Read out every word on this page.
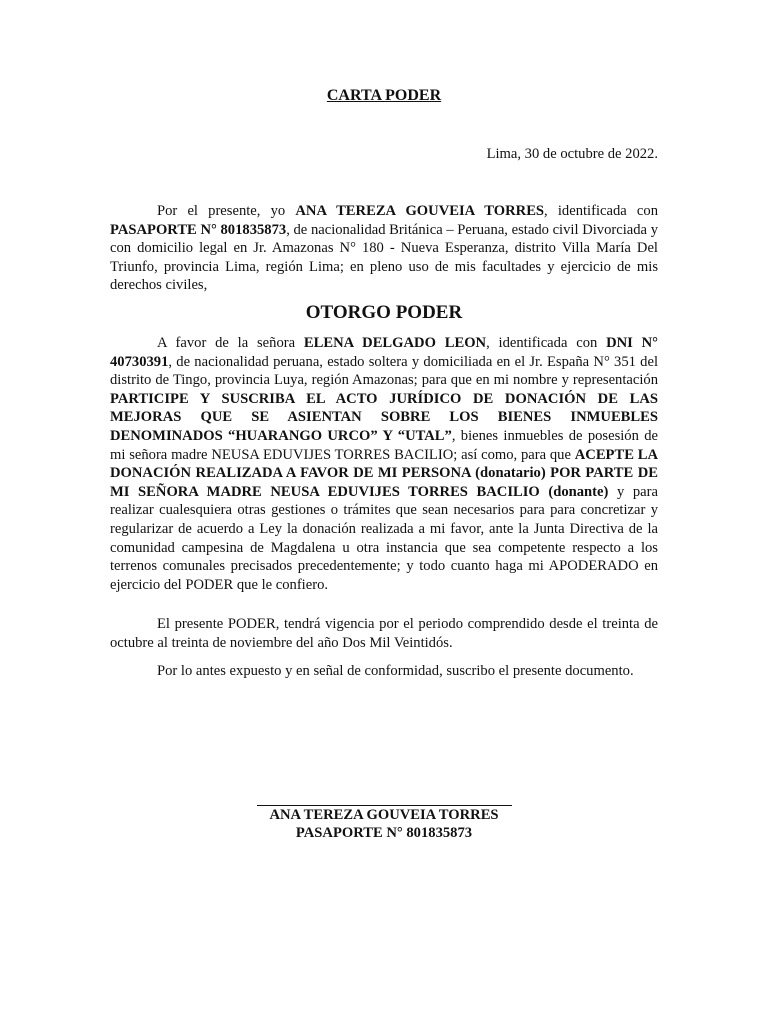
CARTA PODER

Lima, 30 de octubre de 2022.

Por el presente, yo ANA TEREZA GOUVEIA TORRES, identificada con PASAPORTE N° 801835873, de nacionalidad Británica – Peruana, estado civil Divorciada y con domicilio legal en Jr. Amazonas N° 180 - Nueva Esperanza, distrito Villa María Del Triunfo, provincia Lima, región Lima; en pleno uso de mis facultades y ejercicio de mis derechos civiles,

OTORGO PODER

A favor de la señora ELENA DELGADO LEON, identificada con DNI N° 40730391, de nacionalidad peruana, estado soltera y domiciliada en el Jr. España N° 351 del distrito de Tingo, provincia Luya, región Amazonas; para que en mi nombre y representación PARTICIPE Y SUSCRIBA EL ACTO JURÍDICO DE DONACIÓN DE LAS MEJORAS QUE SE ASIENTAN SOBRE LOS BIENES INMUEBLES DENOMINADOS “HUARANGO URCO” Y “UTAL”, bienes inmuebles de posesión de mi señora madre NEUSA EDUVIJES TORRES BACILIO; así como, para que ACEPTE LA DONACIÓN REALIZADA A FAVOR DE MI PERSONA (donatario) POR PARTE DE MI SEÑORA MADRE NEUSA EDUVIJES TORRES BACILIO (donante) y para realizar cualesquiera otras gestiones o trámites que sean necesarios para para concretizar y regularizar de acuerdo a Ley la donación realizada a mi favor, ante la Junta Directiva de la comunidad campesina de Magdalena u otra instancia que sea competente respecto a los terrenos comunales precisados precedentemente; y todo cuanto haga mi APODERADO en ejercicio del PODER que le confiero.

El presente PODER, tendrá vigencia por el periodo comprendido desde el treinta de octubre al treinta de noviembre del año Dos Mil Veintidós.

Por lo antes expuesto y en señal de conformidad, suscribo el presente documento.

ANA TEREZA GOUVEIA TORRES

PASAPORTE N° 801835873
